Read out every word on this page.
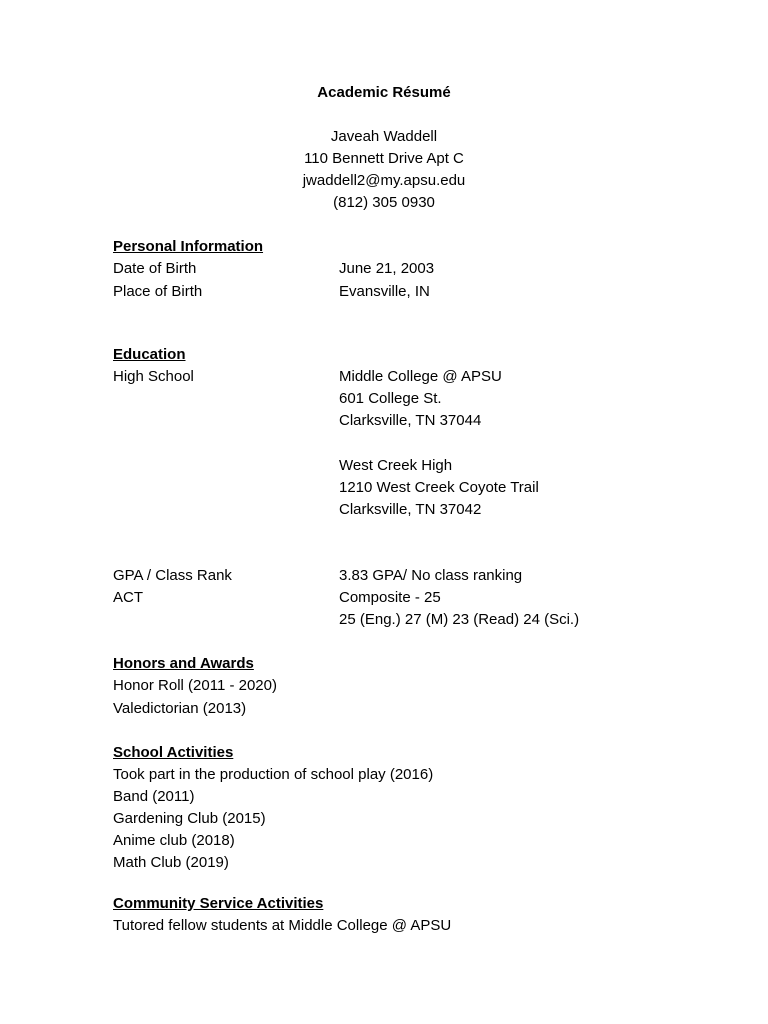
Academic Résumé
Javeah Waddell
110 Bennett Drive Apt C
jwaddell2@my.apsu.edu
(812) 305 0930
Personal Information
Date of Birth	June 21, 2003
Place of Birth	Evansville, IN
Education
High School	Middle College @ APSU
601 College St.
Clarksville, TN 37044
West Creek High
1210 West Creek Coyote Trail
Clarksville, TN 37042
GPA / Class Rank	3.83 GPA/ No class ranking
ACT	Composite - 25
25 (Eng.) 27 (M) 23 (Read) 24 (Sci.)
Honors and Awards
Honor Roll (2011 - 2020)
Valedictorian (2013)
School Activities
Took part in the production of school play (2016)
Band (2011)
Gardening Club (2015)
Anime club (2018)
Math Club (2019)
Community Service Activities
Tutored fellow students at Middle College @ APSU
